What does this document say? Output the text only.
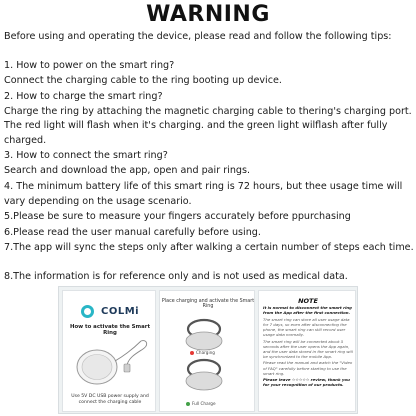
WARNING

Before using and operating the device, please read and follow the following tips:

1. How to power on the smart ring?

Connect the charging cable to the ring booting up device.

2. How to charge the smart ring?

Charge the ring by attaching the magnetic charging cable to thering's charging port. The red light will flash when it's charging. and the green light wilflash after fully charged.

3. How to connect the smart ring?

Search and download the app, open and pair rings.

4. The minimum battery life of this smart ring is 72 hours, but thee usage time will vary depending on the usage scenario.

5.Please be sure to measure your fingers accurately before ppurchasing

6.Please read the user manual carefully before using.

7.The app will sync the steps only after walking a certain number of steps each time.

8.The information is for reference only and is not used as medical data.

COLMi
How to activate the Smart Ring
Use 5V DC USB power supply and connect the charging cable
Place charging and activate the Smart Ring
Charging
Full Charge
NOTE

It is normal to disconnect the smart ring from the App after the first connection.

The smart ring can store all user usage data for 7 days, so even after disconnecting the phone, the smart ring can still record user usage data normally.

The smart ring will be connected about 5 seconds after the user opens the App again, and the user data stored in the smart ring will be synchronized to the mobile App.

Please read the manual and watch the "Video of FAQ" carefully before starting to use the smart ring.

Please leave ☆☆☆☆☆ review, thank you for your recognition of our products.
